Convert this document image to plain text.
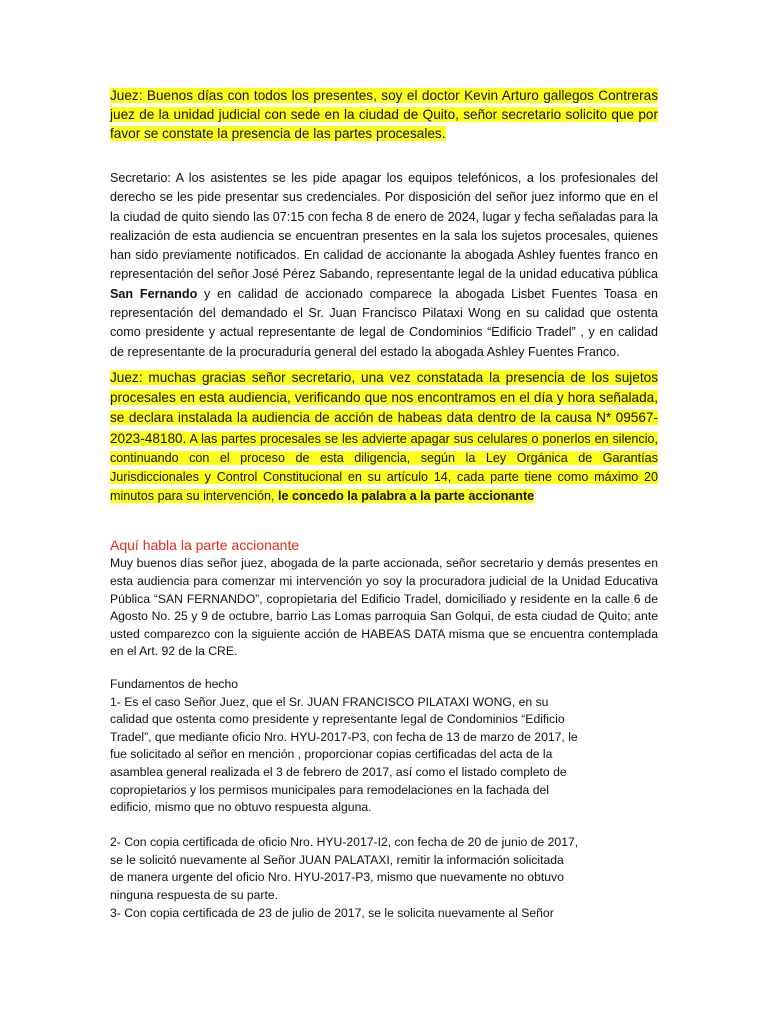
Juez: Buenos días con todos los presentes, soy el doctor Kevin Arturo gallegos Contreras juez de la unidad judicial con sede en la ciudad de Quito, señor secretario solicito que por favor se constate la presencia de las partes procesales.

Secretario: A los asistentes se les pide apagar los equipos telefónicos, a los profesionales del derecho se les pide presentar sus credenciales. Por disposición del señor juez informo que en el la ciudad de quito siendo las 07:15 con fecha 8 de enero de 2024, lugar y fecha señaladas para la realización de esta audiencia se encuentran presentes en la sala los sujetos procesales, quienes han sido previamente notificados. En calidad de accionante la abogada Ashley fuentes franco en representación del señor José Pérez Sabando, representante legal de la unidad educativa pública San Fernando y en calidad de accionado comparece la abogada Lisbet Fuentes Toasa en representación del demandado el Sr. Juan Francisco Pilataxi Wong en su calidad que ostenta como presidente y actual representante de legal de Condominios “Edificio Tradel” , y en calidad de representante de la procuraduría general del estado la abogada Ashley Fuentes Franco.

Juez: muchas gracias señor secretario, una vez constatada la presencia de los sujetos procesales en esta audiencia, verificando que nos encontramos en el día y hora señalada, se declara instalada la audiencia de acción de habeas data dentro de la causa N* 09567-2023-48180. A las partes procesales se les advierte apagar sus celulares o ponerlos en silencio, continuando con el proceso de esta diligencia, según la Ley Orgánica de Garantías Jurisdiccionales y Control Constitucional en su artículo 14, cada parte tiene como máximo 20 minutos para su intervención, le concedo la palabra a la parte accionante

Aquí habla la parte accionante

Muy buenos días señor juez, abogada de la parte accionada, señor secretario y demás presentes en esta audiencia para comenzar mi intervención yo soy la procuradora judicial de la Unidad Educativa Pública “SAN FERNANDO”, copropietaria del Edificio Tradel, domiciliado y residente en la calle 6 de Agosto No. 25 y 9 de octubre, barrio Las Lomas parroquia San Golqui, de esta ciudad de Quito; ante usted comparezco con la siguiente acción de HABEAS DATA misma que se encuentra contemplada en el Art. 92 de la CRE.

Fundamentos de hecho

1- Es el caso Señor Juez, que el Sr. JUAN FRANCISCO PILATAXI WONG, en su calidad que ostenta como presidente y representante legal de Condominios “Edificio Tradel”, que mediante oficio Nro. HYU-2017-P3, con fecha de 13 de marzo de 2017, le fue solicitado al señor en mención , proporcionar copias certificadas del acta de la asamblea general realizada el 3 de febrero de 2017, así como el listado completo de copropietarios y los permisos municipales para remodelaciones en la fachada del edificio, mismo que no obtuvo respuesta alguna.

2- Con copia certificada de oficio Nro. HYU-2017-I2, con fecha de 20 de junio de 2017, se le solicitó nuevamente al Señor JUAN PALATAXI, remitir la información solicitada de manera urgente del oficio Nro. HYU-2017-P3, mismo que nuevamente no obtuvo ninguna respuesta de su parte.

3- Con copia certificada de 23 de julio de 2017, se le solicita nuevamente al Señor
